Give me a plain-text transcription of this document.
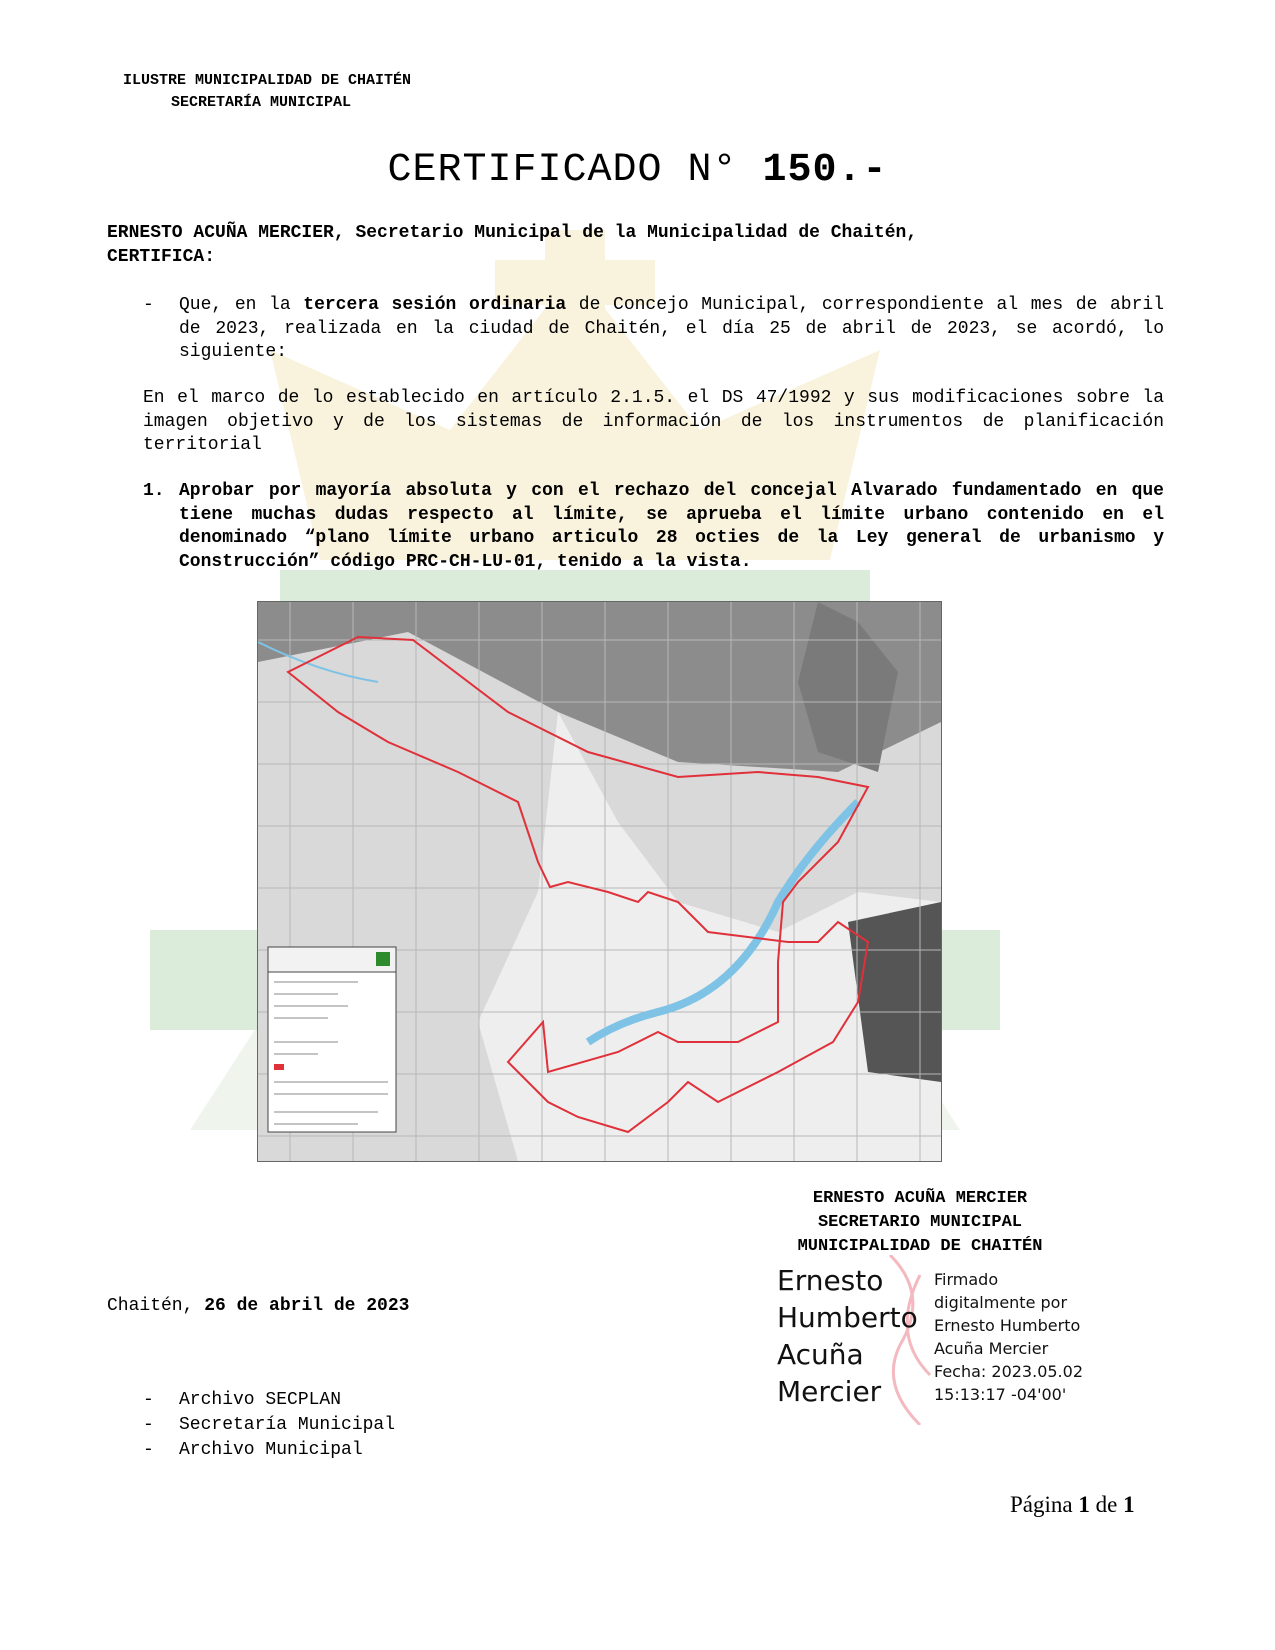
ILUSTRE MUNICIPALIDAD DE CHAITÉN
SECRETARÍA MUNICIPAL
CERTIFICADO N° 150.-
ERNESTO ACUÑA MERCIER, Secretario Municipal de la Municipalidad de Chaitén,
CERTIFICA:
- Que, en la tercera sesión ordinaria de Concejo Municipal, correspondiente al mes de abril de 2023, realizada en la ciudad de Chaitén, el día 25 de abril de 2023, se acordó, lo siguiente:
En el marco de lo establecido en artículo 2.1.5. el DS 47/1992 y sus modificaciones sobre la imagen objetivo y de los sistemas de información de los instrumentos de planificación territorial
1. Aprobar por mayoría absoluta y con el rechazo del concejal Alvarado fundamentado en que tiene muchas dudas respecto al límite, se aprueba el límite urbano contenido en el denominado “plano límite urbano articulo 28 octies de la Ley general de urbanismo y Construcción” código PRC-CH-LU-01, tenido a la vista.
ERNESTO ACUÑA MERCIER
SECRETARIO MUNICIPAL
MUNICIPALIDAD DE CHAITÉN
Ernesto
Humberto
Acuña
Mercier
Firmado
digitalmente por
Ernesto Humberto
Acuña Mercier
Fecha: 2023.05.02
15:13:17 -04'00'
Chaitén, 26 de abril de 2023
- Archivo SECPLAN
- Secretaría Municipal
- Archivo Municipal
Página 1 de 1
